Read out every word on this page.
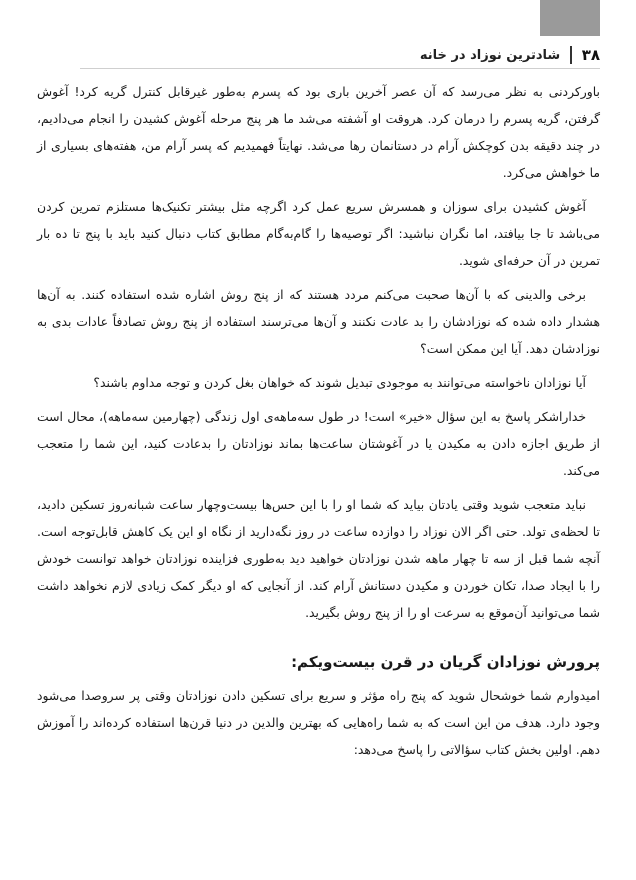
۳۸
شادترین نوزاد در خانه

باورکردنی به نظر می‌رسد که آن عصر آخرین باری بود که پسرم به‌طور غیرقابل کنترل گریه کرد! آغوش گرفتن، گریه پسرم را درمان کرد. هروقت او آشفته می‌شد ما هر پنج مرحله آغوش کشیدن را انجام می‌دادیم، در چند دقیقه بدن کوچکش آرام در دستانمان رها می‌شد. نهایتاً فهمیدیم که پسر آرام من، هفته‌های بسیاری از ما خواهش می‌کرد.

آغوش کشیدن برای سوزان و همسرش سریع عمل کرد اگرچه مثل بیشتر تکنیک‌ها مستلزم تمرین کردن می‌باشد تا جا بیافتد، اما نگران نباشید: اگر توصیه‌ها را گام‌به‌گام مطابق کتاب دنبال کنید باید با پنج تا ده بار تمرین در آن حرفه‌ای شوید.

برخی والدینی که با آن‌ها صحبت می‌کنم مردد هستند که از پنج روش اشاره شده استفاده کنند. به آن‌ها هشدار داده شده که نوزادشان را بد عادت نکنند و آن‌ها می‌ترسند استفاده از پنج روش تصادفاً عادات بدی به نوزادشان دهد. آیا این ممکن است؟

آیا نوزادان ناخواسته می‌توانند به موجودی تبدیل شوند که خواهان بغل کردن و توجه مداوم باشند؟

خداراشکر پاسخ به این سؤال «خیر» است! در طول سه‌ماهه‌ی اول زندگی (چهارمین سه‌ماهه)، محال است از طریق اجازه دادن به مکیدن یا در آغوشتان ساعت‌ها بماند نوزادتان را بدعادت کنید، این شما را متعجب می‌کند.

نباید متعجب شوید وقتی یادتان بیاید که شما او را با این حس‌ها بیست‌وچهار ساعت شبانه‌روز تسکین دادید، تا لحظه‌ی تولد. حتی اگر الان نوزاد را دوازده ساعت در روز نگه‌دارید از نگاه او این یک کاهش قابل‌توجه است. آنچه شما قبل از سه تا چهار ماهه شدن نوزادتان خواهید دید به‌طوری فزاینده نوزادتان خواهد توانست خودش را با ایجاد صدا، تکان خوردن و مکیدن دستانش آرام کند. از آنجایی که او دیگر کمک زیادی لازم نخواهد داشت شما می‌توانید آن‌موقع به سرعت او را از پنج روش بگیرید.

پرورش نوزادان گریان در قرن بیست‌ویکم:

امیدوارم شما خوشحال شوید که پنج راه مؤثر و سریع برای تسکین دادن نوزادتان وقتی پر سروصدا می‌شود وجود دارد. هدف من این است که به شما راه‌هایی که بهترین والدین در دنیا قرن‌ها استفاده کرده‌اند را آموزش دهم. اولین بخش کتاب سؤالاتی را پاسخ می‌دهد:
